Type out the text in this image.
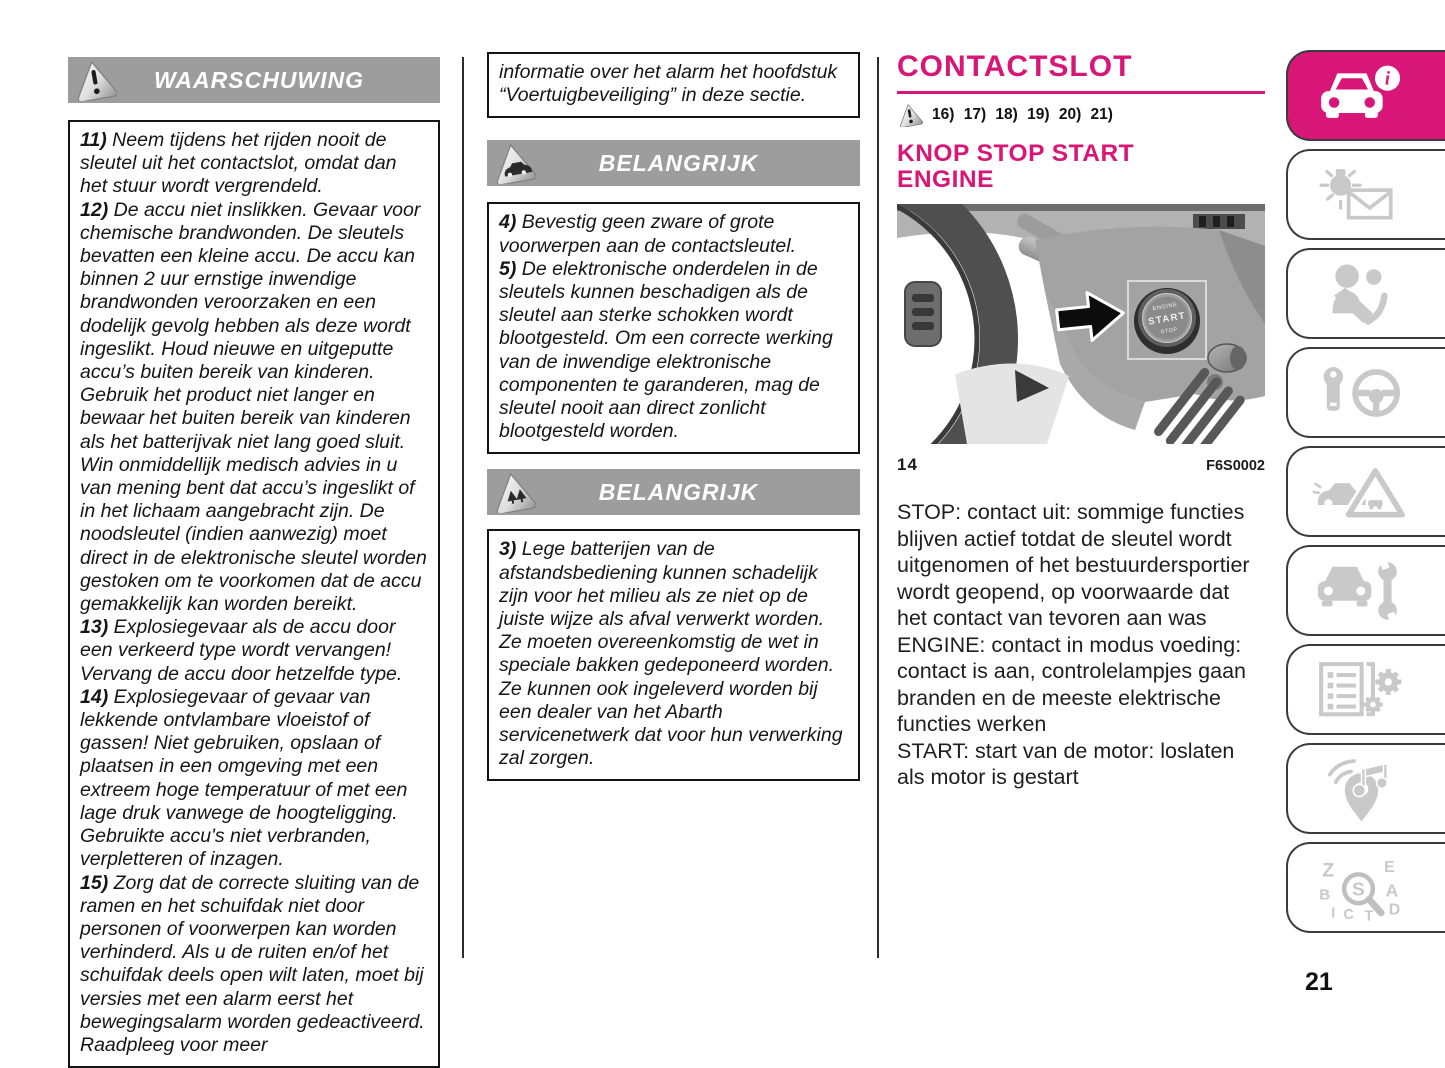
WAARSCHUWING

11) Neem tijdens het rijden nooit de sleutel uit het contactslot, omdat dan het stuur wordt vergrendeld.

12) De accu niet inslikken. Gevaar voor chemische brandwonden. De sleutels bevatten een kleine accu. De accu kan binnen 2 uur ernstige inwendige brandwonden veroorzaken en een dodelijk gevolg hebben als deze wordt ingeslikt. Houd nieuwe en uitgeputte accu’s buiten bereik van kinderen. Gebruik het product niet langer en bewaar het buiten bereik van kinderen als het batterijvak niet lang goed sluit. Win onmiddellijk medisch advies in u van mening bent dat accu’s ingeslikt of in het lichaam aangebracht zijn. De noodsleutel (indien aanwezig) moet direct in de elektronische sleutel worden gestoken om te voorkomen dat de accu gemakkelijk kan worden bereikt.

13) Explosiegevaar als de accu door een verkeerd type wordt vervangen! Vervang de accu door hetzelfde type.

14) Explosiegevaar of gevaar van lekkende ontvlambare vloeistof of gassen! Niet gebruiken, opslaan of plaatsen in een omgeving met een extreem hoge temperatuur of met een lage druk vanwege de hoogteligging. Gebruikte accu's niet verbranden, verpletteren of inzagen.

15) Zorg dat de correcte sluiting van de ramen en het schuifdak niet door personen of voorwerpen kan worden verhinderd. Als u de ruiten en/of het schuifdak deels open wilt laten, moet bij versies met een alarm eerst het bewegingsalarm worden gedeactiveerd. Raadpleeg voor meer

informatie over het alarm het hoofdstuk “Voertuigbeveiliging” in deze sectie.

BELANGRIJK

4) Bevestig geen zware of grote voorwerpen aan de contactsleutel.

5) De elektronische onderdelen in de sleutels kunnen beschadigen als de sleutel aan sterke schokken wordt blootgesteld. Om een correcte werking van de inwendige elektronische componenten te garanderen, mag de sleutel nooit aan direct zonlicht blootgesteld worden.

BELANGRIJK

3) Lege batterijen van de afstandsbediening kunnen schadelijk zijn voor het milieu als ze niet op de juiste wijze als afval verwerkt worden. Ze moeten overeenkomstig de wet in speciale bakken gedeponeerd worden. Ze kunnen ook ingeleverd worden bij een dealer van het Abarth servicenetwerk dat voor hun verwerking zal zorgen.

CONTACTSLOT
16) 17) 18) 19) 20) 21)
KNOP STOP START
ENGINE
ENGINE
START
STOP
14	F6S0002

STOP: contact uit: sommige functies blijven actief totdat de sleutel wordt uitgenomen of het bestuurdersportier wordt geopend, op voorwaarde dat het contact van tevoren aan was

ENGINE: contact in modus voeding: contact is aan, controlelampjes gaan branden en de meeste elektrische functies werken

START: start van de motor: loslaten als motor is gestart

i
Z E
B A
I C T D
S
21
